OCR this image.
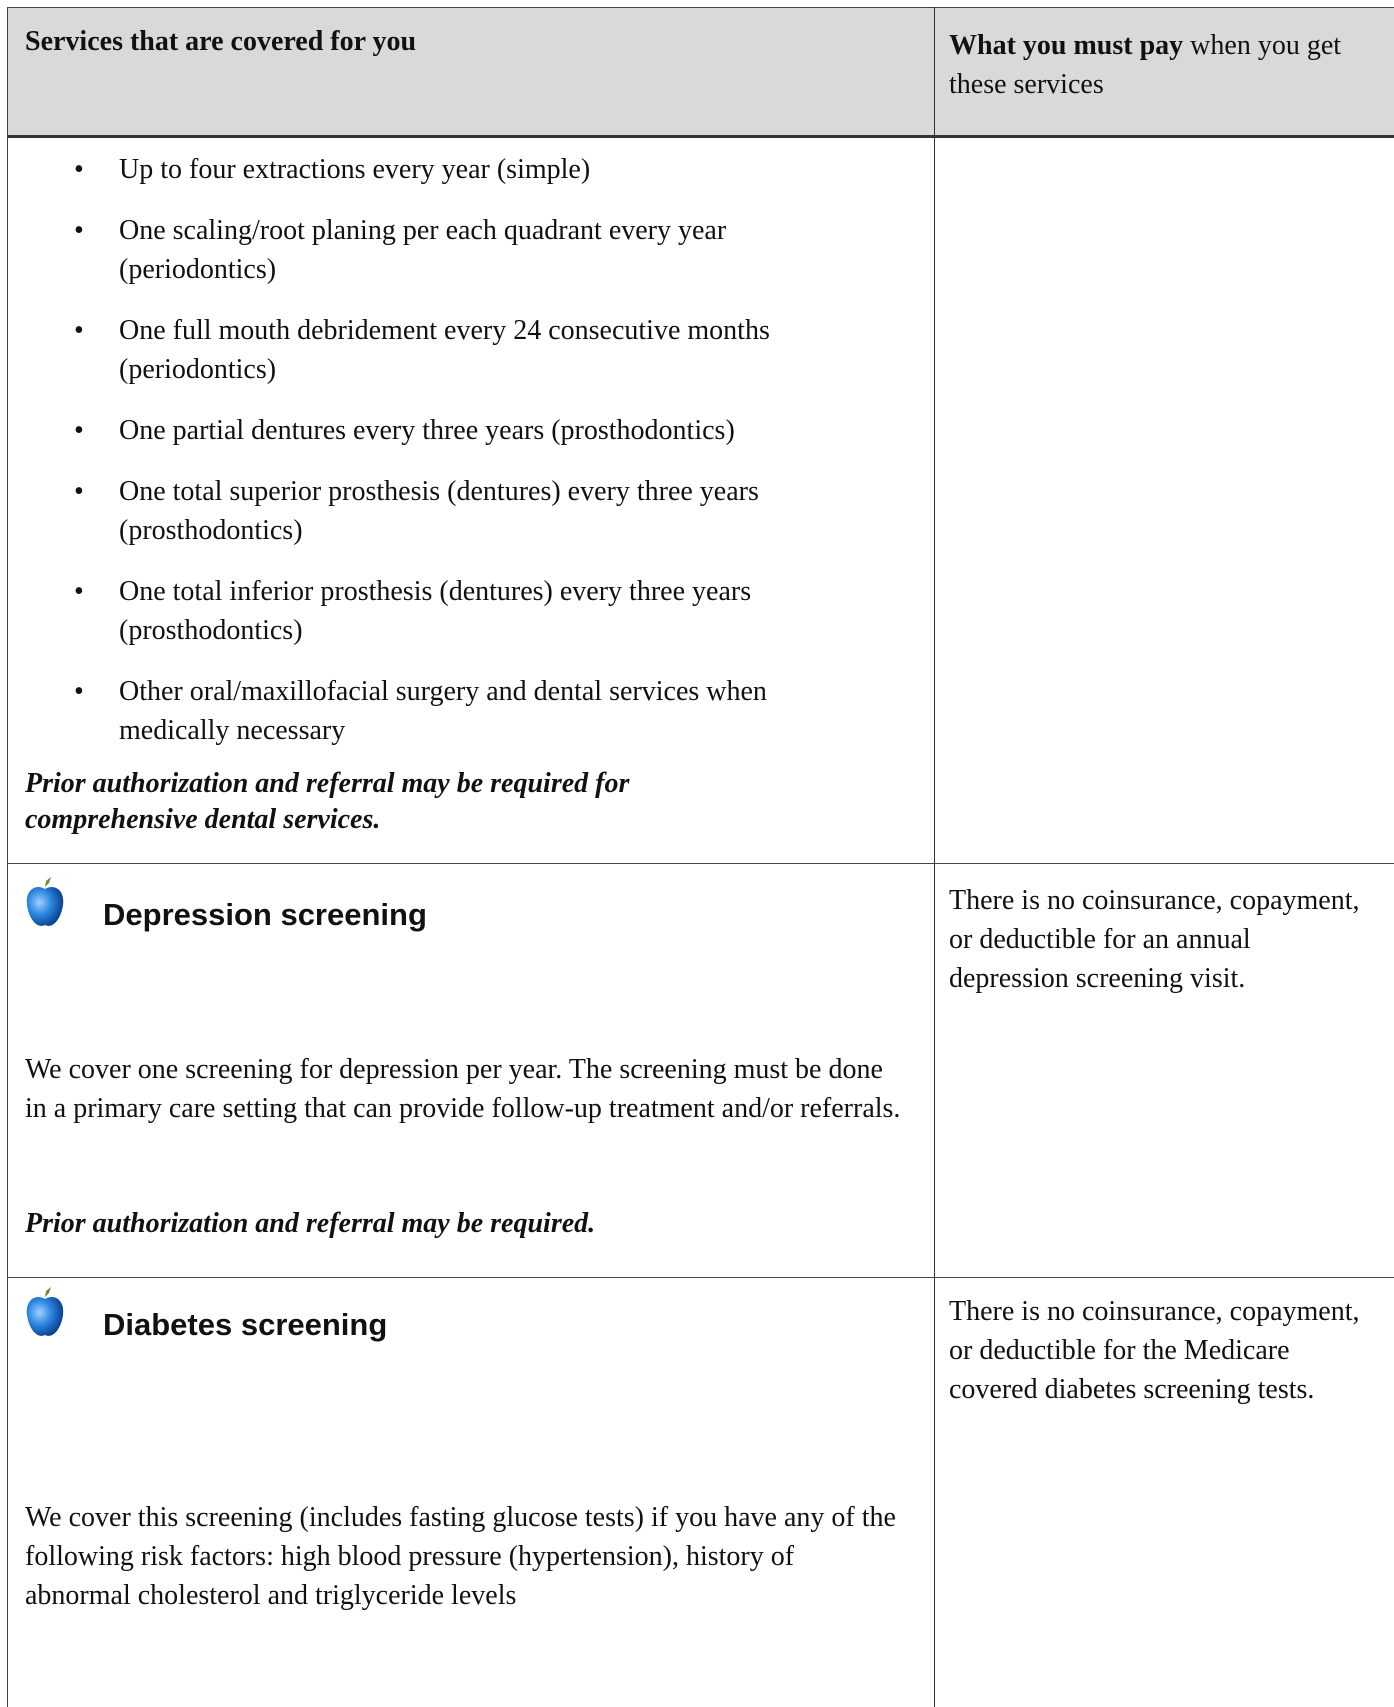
Services that are covered for you	What you must pay when you get these services
• Up to four extractions every year (simple)
• One scaling/root planing per each quadrant every year (periodontics)
• One full mouth debridement every 24 consecutive months (periodontics)
• One partial dentures every three years (prosthodontics)
• One total superior prosthesis (dentures) every three years (prosthodontics)
• One total inferior prosthesis (dentures) every three years (prosthodontics)
• Other oral/maxillofacial surgery and dental services when medically necessary
Prior authorization and referral may be required for comprehensive dental services.
Depression screening
We cover one screening for depression per year. The screening must be done in a primary care setting that can provide follow-up treatment and/or referrals.
Prior authorization and referral may be required.
There is no coinsurance, copayment, or deductible for an annual depression screening visit.
Diabetes screening
We cover this screening (includes fasting glucose tests) if you have any of the following risk factors: high blood pressure (hypertension), history of abnormal cholesterol and triglyceride levels
There is no coinsurance, copayment, or deductible for the Medicare covered diabetes screening tests.
